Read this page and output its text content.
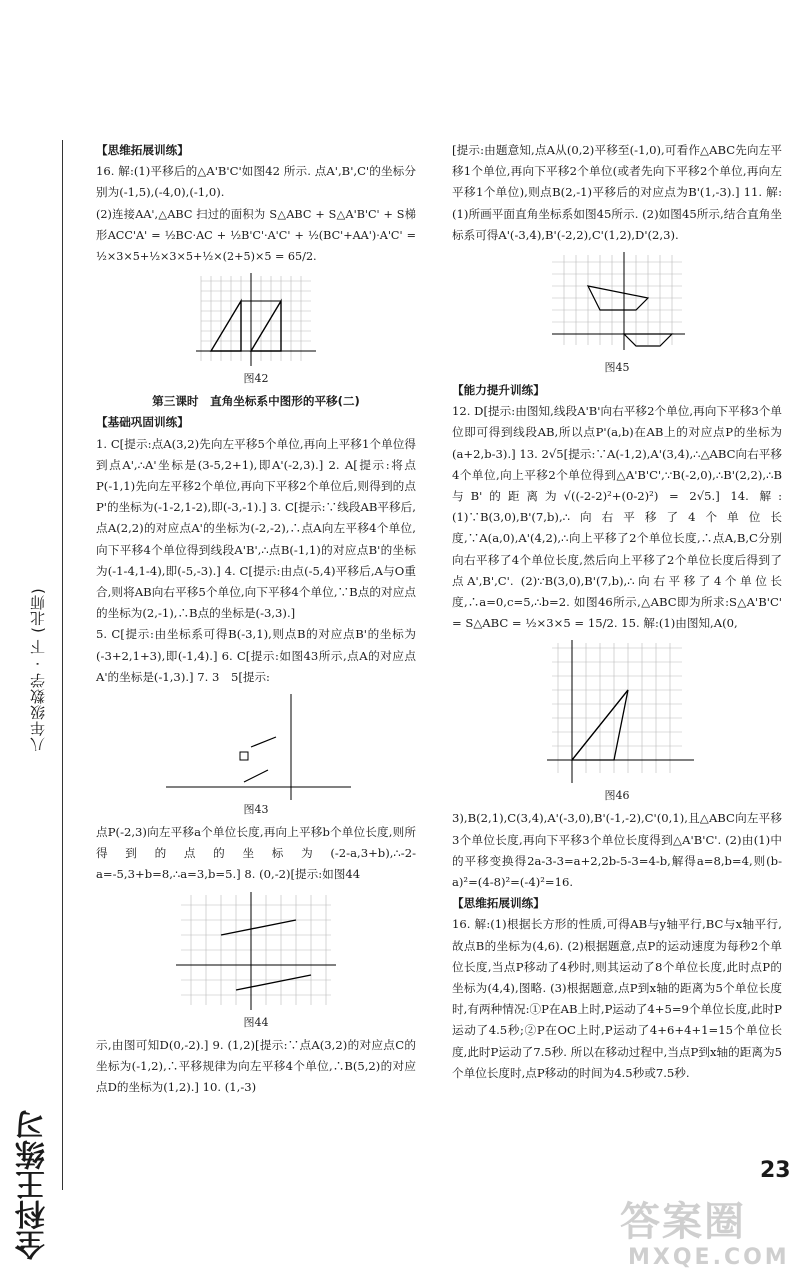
八年级数学 · 下 (北师)
全科王练习

【 思维拓展训练 】

16. 解:(1)平移后的△A'B'C'如图42 所示. 点A',B',C'的坐标分别为(-1,5),(-4,0),(-1,0).

(2)连接AA',△ABC 扫过的面积为 S△ABC + S△A'B'C' + S梯形ACC'A' = ½BC·AC + ½B'C'·A'C' + ½(BC'+AA')·A'C' = ½×3×5+½×3×5+½×(2+5)×5 = 65/2.

图42

第三课时　直角坐标系中图形的平移(二)

【 基础巩固训练 】

1. C[提示:点A(3,2)先向左平移5个单位,再向上平移1个单位得到点A',∴A'坐标是(3-5,2+1),即A'(-2,3).] 2. A[提示:将点P(-1,1)先向左平移2个单位,再向下平移2个单位后,则得到的点P'的坐标为(-1-2,1-2),即(-3,-1).] 3. C[提示:∵线段AB平移后,点A(2,2)的对应点A'的坐标为(-2,-2),∴点A向左平移4个单位,向下平移4个单位得到线段A'B',∴点B(-1,1)的对应点B'的坐标为(-1-4,1-4),即(-5,-3).] 4. C[提示:由点(-5,4)平移后,A与O重合,则将AB向右平移5个单位,向下平移4个单位,∵B点的对应点的坐标为(2,-1),∴B点的坐标是(-3,3).]

5. C[提示:由坐标系可得B(-3,1),则点B的对应点B'的坐标为(-3+2,1+3),即(-1,4).] 6. C[提示:如图43所示,点A的对应点A'的坐标是(-1,3).] 7. 3　5[提示:

图43

点P(-2,3)向左平移a个单位长度,再向上平移b个单位长度,则所得到的点的坐标为(-2-a,3+b),∴-2-a=-5,3+b=8,∴a=3,b=5.] 8. (0,-2)[提示:如图44

图44

示,由图可知D(0,-2).] 9. (1,2)[提示:∵点A(3,2)的对应点C的坐标为(-1,2),∴平移规律为向左平移4个单位,∴B(5,2)的对应点D的坐标为(1,2).] 10. (1,-3)

[提示:由题意知,点A从(0,2)平移至(-1,0),可看作△ABC先向左平移1个单位,再向下平移2个单位(或者先向下平移2个单位,再向左平移1个单位),则点B(2,-1)平移后的对应点为B'(1,-3).] 11. 解:(1)所画平面直角坐标系如图45所示. (2)如图45所示,结合直角坐标系可得A'(-3,4),B'(-2,2),C'(1,2),D'(2,3).

图45

【 能力提升训练 】

12. D[提示:由图知,线段A'B'向右平移2个单位,再向下平移3个单位即可得到线段AB,所以点P'(a,b)在AB上的对应点P的坐标为(a+2,b-3).] 13. 2√5[提示:∵A(-1,2),A'(3,4),∴△ABC向右平移4个单位,向上平移2个单位得到△A'B'C',∵B(-2,0),∴B'(2,2),∴B与B'的距离为√((-2-2)²+(0-2)²) = 2√5.] 14. 解:(1)∵B(3,0),B'(7,b),∴向右平移了4个单位长度,∵A(a,0),A'(4,2),∴向上平移了2个单位长度,∴点A,B,C分别向右平移了4个单位长度,然后向上平移了2个单位长度后得到了点A',B',C'. (2)∵B(3,0),B'(7,b),∴向右平移了4个单位长度,∴a=0,c=5,∴b=2. 如图46所示,△ABC即为所求:S△A'B'C' = S△ABC = ½×3×5 = 15/2. 15. 解:(1)由图知,A(0,

图46

3),B(2,1),C(3,4),A'(-3,0),B'(-1,-2),C'(0,1),且△ABC向左平移3个单位长度,再向下平移3个单位长度得到△A'B'C'. (2)由(1)中的平移变换得2a-3-3=a+2,2b-5-3=4-b,解得a=8,b=4,则(b-a)²=(4-8)²=(-4)²=16.

【 思维拓展训练 】

16. 解:(1)根据长方形的性质,可得AB与y轴平行,BC与x轴平行,故点B的坐标为(4,6). (2)根据题意,点P的运动速度为每秒2个单位长度,当点P移动了4秒时,则其运动了8个单位长度,此时点P的坐标为(4,4),图略. (3)根据题意,点P到x轴的距离为5个单位长度时,有两种情况:①P在AB上时,P运动了4+5=9个单位长度,此时P运动了4.5秒;②P在OC上时,P运动了4+6+4+1=15个单位长度,此时P运动了7.5秒. 所以在移动过程中,当点P到x轴的距离为5个单位长度时,点P移动的时间为4.5秒或7.5秒.

23
答案圈
MXQE.COM
